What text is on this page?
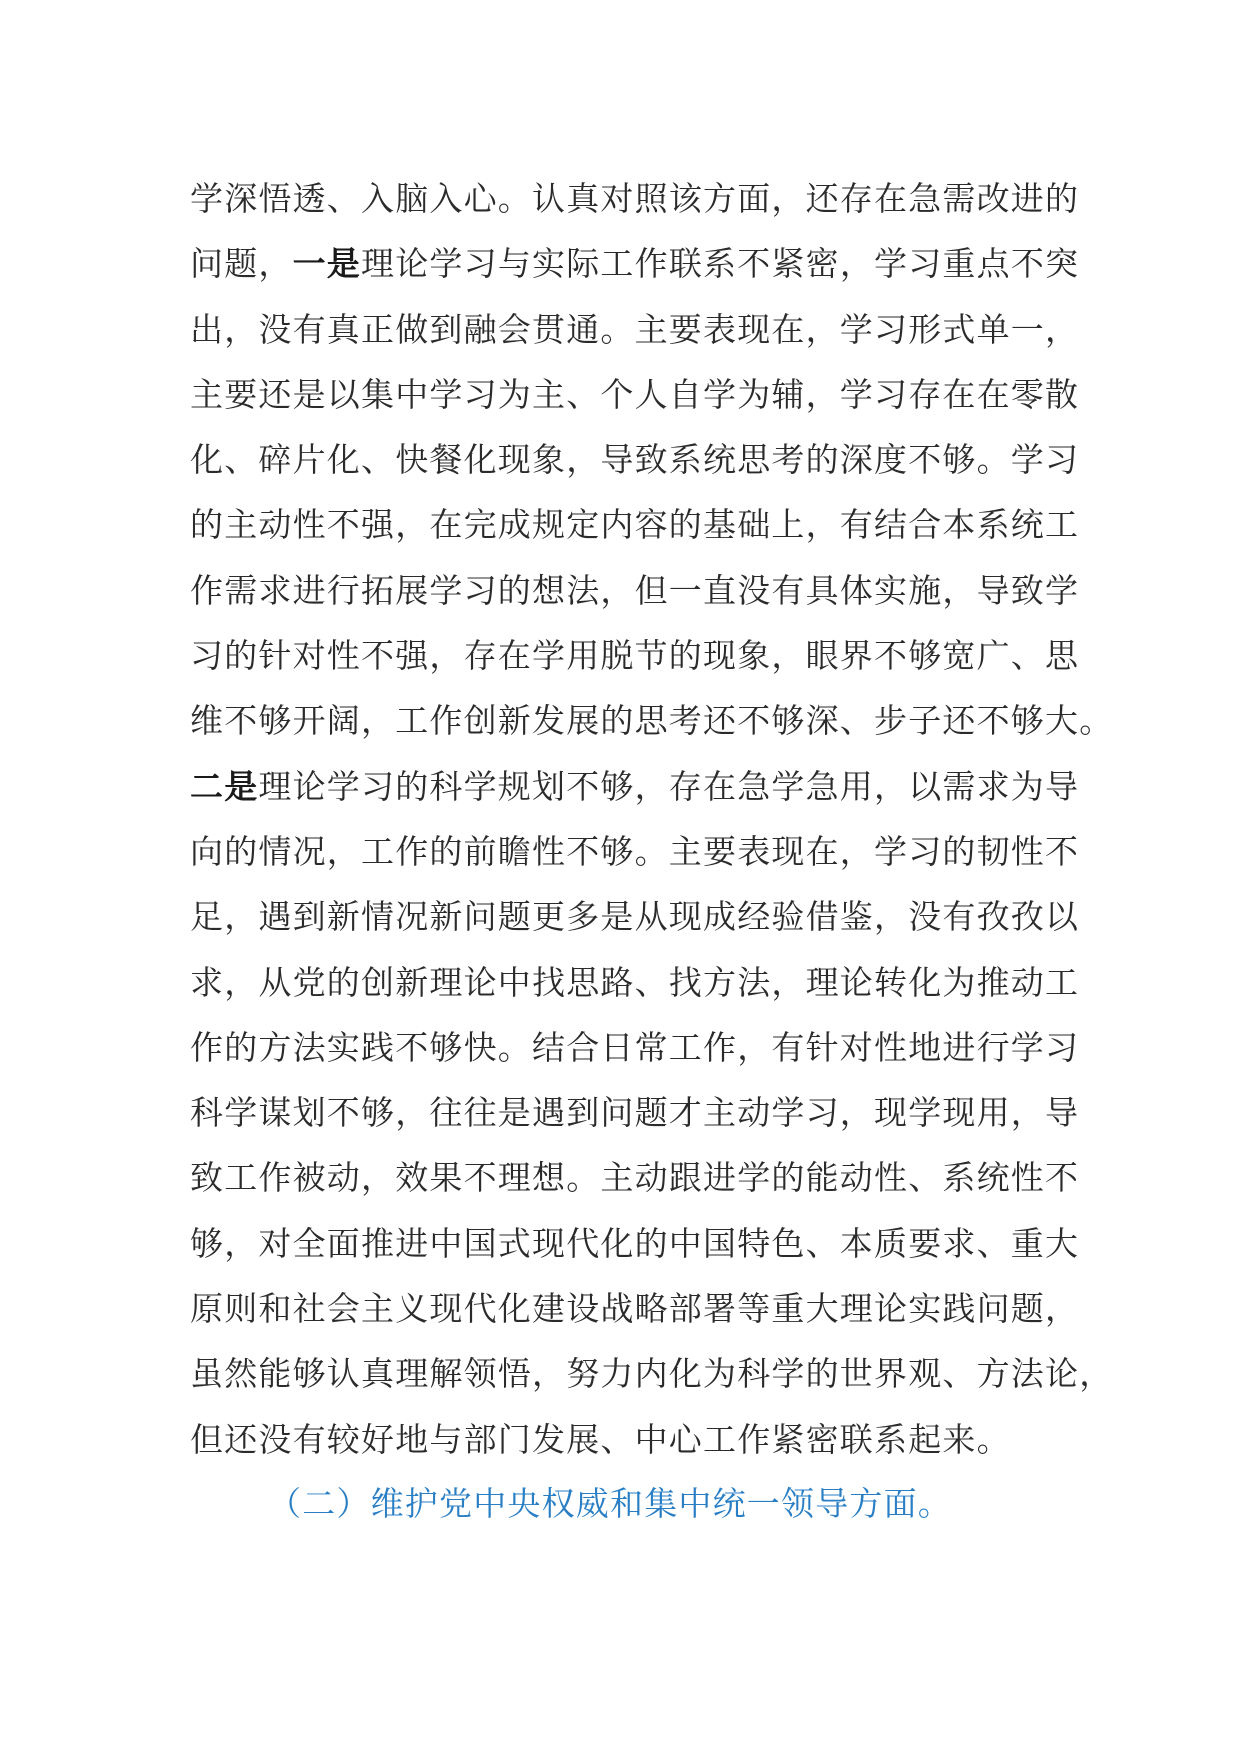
学深悟透、入脑入心。认真对照该方面，还存在急需改进的
问题，一是理论学习与实际工作联系不紧密，学习重点不突
出，没有真正做到融会贯通。主要表现在，学习形式单一，
主要还是以集中学习为主、个人自学为辅，学习存在在零散
化、碎片化、快餐化现象，导致系统思考的深度不够。学习
的主动性不强，在完成规定内容的基础上，有结合本系统工
作需求进行拓展学习的想法，但一直没有具体实施，导致学
习的针对性不强，存在学用脱节的现象，眼界不够宽广、思
维不够开阔，工作创新发展的思考还不够深、步子还不够大。
二是理论学习的科学规划不够，存在急学急用，以需求为导
向的情况，工作的前瞻性不够。主要表现在，学习的韧性不
足，遇到新情况新问题更多是从现成经验借鉴，没有孜孜以
求，从党的创新理论中找思路、找方法，理论转化为推动工
作的方法实践不够快。结合日常工作，有针对性地进行学习
科学谋划不够，往往是遇到问题才主动学习，现学现用，导
致工作被动，效果不理想。主动跟进学的能动性、系统性不
够，对全面推进中国式现代化的中国特色、本质要求、重大
原则和社会主义现代化建设战略部署等重大理论实践问题，
虽然能够认真理解领悟，努力内化为科学的世界观、方法论，
但还没有较好地与部门发展、中心工作紧密联系起来。
（二）维护党中央权威和集中统一领导方面。
